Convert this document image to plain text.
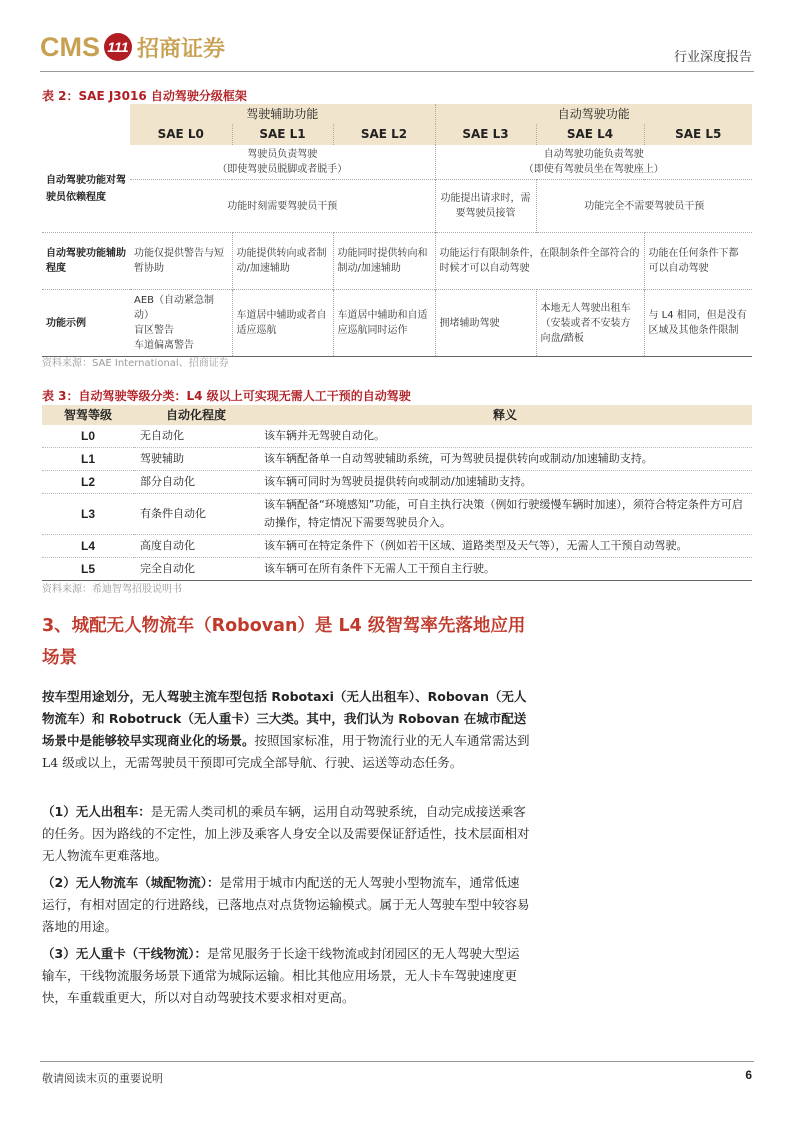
CMS 111 招商证券	行业深度报告
表 2：SAE J3016 自动驾驶分级框架
	驾驶辅助功能			自动驾驶功能		
	SAE L0	SAE L1	SAE L2	SAE L3	SAE L4	SAE L5
自动驾驶功能对驾驶员依赖程度	驾驶员负责驾驶
（即使驾驶员脱脚或者脱手）			自动驾驶功能负责驾驶
（即使有驾驶员坐在驾驶座上）		
	功能时刻需要驾驶员干预			功能提出请求时，需要驾驶员接管	功能完全不需要驾驶员干预	
自动驾驶功能辅助程度	功能仅提供警告与短暂协助	功能提供转向或者制动/加速辅助	功能同时提供转向和制动/加速辅助	功能运行有限制条件，在限制条件全部符合的时候才可以自动驾驶		功能在任何条件下都可以自动驾驶
功能示例	AEB（自动紧急制动）
盲区警告
车道偏离警告	车道居中辅助或者自适应巡航	车道居中辅助和自适应巡航同时运作	拥堵辅助驾驶	本地无人驾驶出租车（安装或者不安装方向盘/踏板	与 L4 相同，但是没有区域及其他条件限制
资料来源：SAE International、招商证券
表 3：自动驾驶等级分类：L4 级以上可实现无需人工干预的自动驾驶
智驾等级	自动化程度	释义
L0	无自动化	该车辆并无驾驶自动化。
L1	驾驶辅助	该车辆配备单一自动驾驶辅助系统，可为驾驶员提供转向或制动/加速辅助支持。
L2	部分自动化	该车辆可同时为驾驶员提供转向或制动/加速辅助支持。
L3	有条件自动化	该车辆配备“环境感知”功能，可自主执行决策（例如行驶缓慢车辆时加速），须符合特定条件方可启动操作，特定情况下需要驾驶员介入。
L4	高度自动化	该车辆可在特定条件下（例如若干区域、道路类型及天气等），无需人工干预自动驾驶。
L5	完全自动化	该车辆可在所有条件下无需人工干预自主行驶。
资料来源：希迪智驾招股说明书
3、城配无人物流车（Robovan）是 L4 级智驾率先落地应用场景
按车型用途划分，无人驾驶主流车型包括 Robotaxi（无人出租车）、Robovan（无人物流车）和 Robotruck（无人重卡）三大类。其中，我们认为 Robovan 在城市配送场景中是能够较早实现商业化的场景。按照国家标准，用于物流行业的无人车通常需达到 L4 级或以上，无需驾驶员干预即可完成全部导航、行驶、运送等动态任务。
（1）无人出租车：是无需人类司机的乘员车辆，运用自动驾驶系统，自动完成接送乘客的任务。因为路线的不定性，加上涉及乘客人身安全以及需要保证舒适性，技术层面相对无人物流车更难落地。
（2）无人物流车（城配物流）：是常用于城市内配送的无人驾驶小型物流车，通常低速运行，有相对固定的行进路线，已落地点对点货物运输模式。属于无人驾驶车型中较容易落地的用途。
（3）无人重卡（干线物流）：是常见服务于长途干线物流或封闭园区的无人驾驶大型运输车，干线物流服务场景下通常为城际运输。相比其他应用场景，无人卡车驾驶速度更快，车重载重更大，所以对自动驾驶技术要求相对更高。
敬请阅读末页的重要说明	6
